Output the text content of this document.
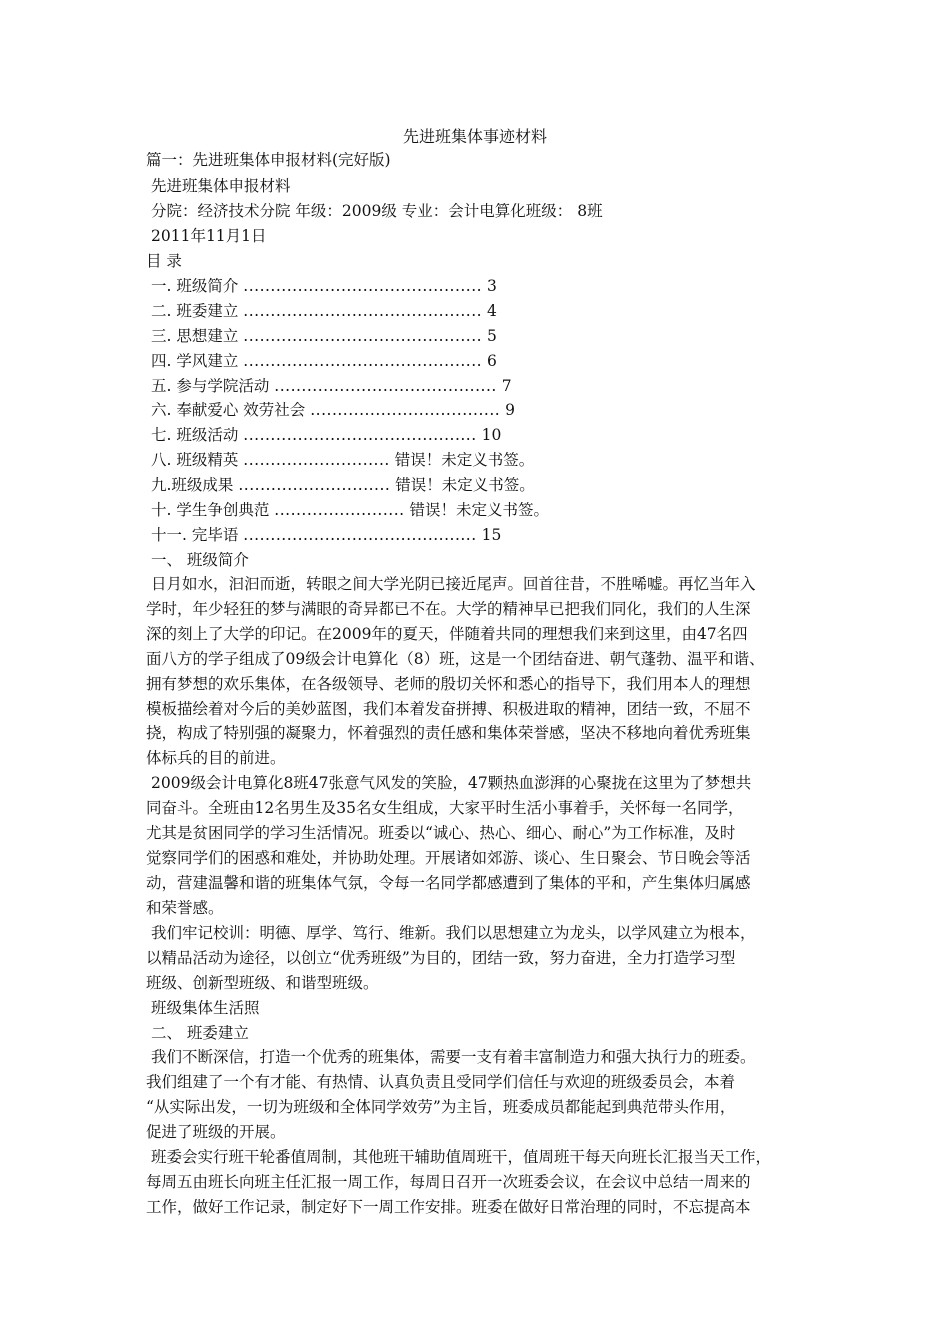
先进班集体事迹材料
篇一：先进班集体申报材料(完好版)
先进班集体申报材料
分院：经济技术分院 年级：2009级 专业：会计电算化班级： 8班
2011年11月1日
目 录
一. 班级简介 ............................................ 3
二. 班委建立 ............................................ 4
三. 思想建立 ............................................ 5
四. 学风建立 ............................................ 6
五. 参与学院活动 ......................................... 7
六. 奉献爱心 效劳社会 ................................... 9
七. 班级活动 ........................................... 10
八. 班级精英 ........................... 错误！未定义书签。
九.班级成果 ............................ 错误！未定义书签。
十. 学生争创典范 ........................ 错误！未定义书签。
十一. 完毕语 ........................................... 15
一、 班级简介

日月如水，汩汩而逝，转眼之间大学光阴已接近尾声。回首往昔，不胜唏嘘。再忆当年入

学时，年少轻狂的梦与满眼的奇异都已不在。大学的精神早已把我们同化，我们的人生深

深的刻上了大学的印记。在2009年的夏天，伴随着共同的理想我们来到这里，由47名四

面八方的学子组成了09级会计电算化（8）班，这是一个团结奋进、朝气蓬勃、温平和谐、

拥有梦想的欢乐集体，在各级领导、老师的殷切关怀和悉心的指导下，我们用本人的理想

模板描绘着对今后的美妙蓝图，我们本着发奋拼搏、积极进取的精神，团结一致，不屈不

挠，构成了特别强的凝聚力，怀着强烈的责任感和集体荣誉感，坚决不移地向着优秀班集

体标兵的目的前进。

2009级会计电算化8班47张意气风发的笑脸，47颗热血澎湃的心聚拢在这里为了梦想共

同奋斗。全班由12名男生及35名女生组成，大家平时生活小事着手，关怀每一名同学，

尤其是贫困同学的学习生活情况。班委以“诚心、热心、细心、耐心”为工作标准，及时

觉察同学们的困惑和难处，并协助处理。开展诸如郊游、谈心、生日聚会、节日晚会等活

动，营建温馨和谐的班集体气氛，令每一名同学都感遭到了集体的平和，产生集体归属感

和荣誉感。

我们牢记校训：明德、厚学、笃行、维新。我们以思想建立为龙头，以学风建立为根本，

以精品活动为途径，以创立“优秀班级”为目的，团结一致，努力奋进，全力打造学习型

班级、创新型班级、和谐型班级。

班级集体生活照
二、 班委建立

我们不断深信，打造一个优秀的班集体，需要一支有着丰富制造力和强大执行力的班委。

我们组建了一个有才能、有热情、认真负责且受同学们信任与欢迎的班级委员会，本着

“从实际出发，一切为班级和全体同学效劳”为主旨，班委成员都能起到典范带头作用，

促进了班级的开展。

班委会实行班干轮番值周制，其他班干辅助值周班干，值周班干每天向班长汇报当天工作，

每周五由班长向班主任汇报一周工作，每周日召开一次班委会议，在会议中总结一周来的

工作，做好工作记录，制定好下一周工作安排。班委在做好日常治理的同时，不忘提高本
